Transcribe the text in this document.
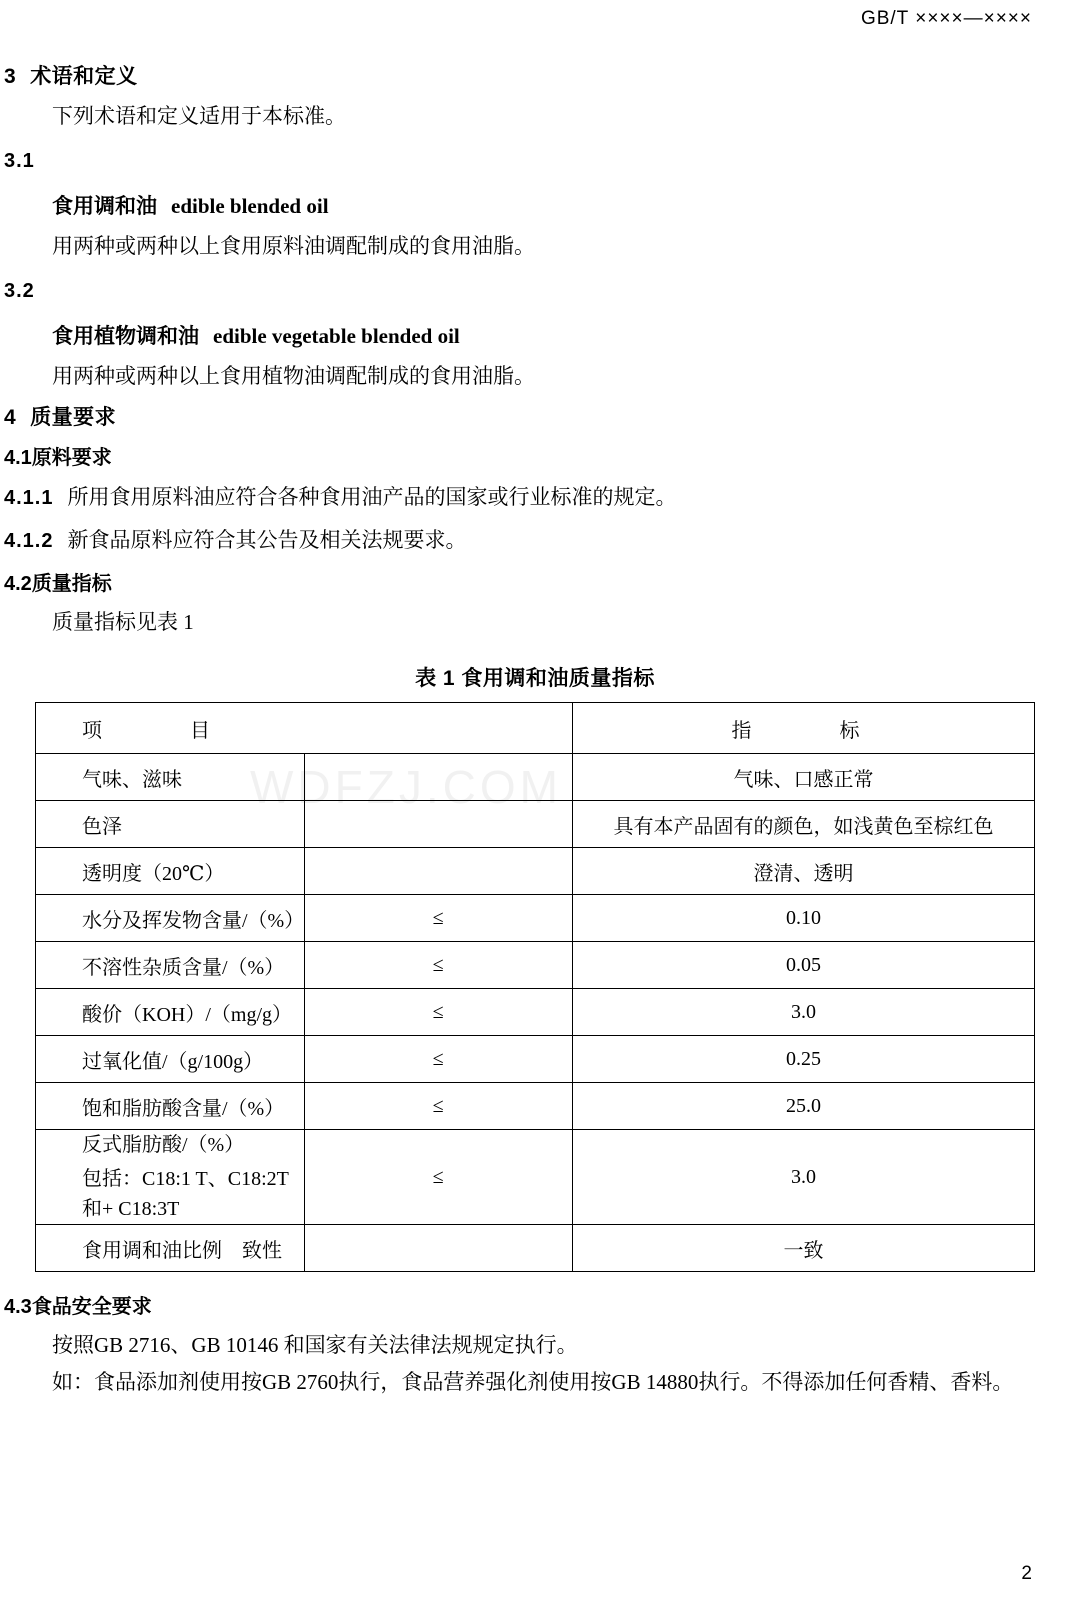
WDFZJ.COM
GB/T ××××—××××
3 术语和定义
下列术语和定义适用于本标准。
3.1
食用调和油 edible blended oil
用两种或两种以上食用原料油调配制成的食用油脂。
3.2
食用植物调和油 edible vegetable blended oil
用两种或两种以上食用植物油调配制成的食用油脂。
4 质量要求
4.1原料要求
4.1.1 所用食用原料油应符合各种食用油产品的国家或行业标准的规定。
4.1.2 新食品原料应符合其公告及相关法规要求。
4.2质量指标
质量指标见表 1
表 1 食用调和油质量指标
项　　目		指　　标
气味、滋味		气味、口感正常
色泽		具有本产品固有的颜色，如浅黄色至棕红色
透明度（20℃）		澄清、透明
水分及挥发物含量/（%）	≤	0.10
不溶性杂质含量/（%）	≤	0.05
酸价（KOH）/（mg/g）	≤	3.0
过氧化值/（g/100g）	≤	0.25
饱和脂肪酸含量/（%）	≤	25.0

反式脂肪酸/（%）
包括：C18:1 T、C18:2T 和+ C18:3T	≤	3.0
食用调和油比例　致性		一致
4.3食品安全要求
按照GB 2716、GB 10146 和国家有关法律法规规定执行。
如：食品添加剂使用按GB 2760执行，食品营养强化剂使用按GB 14880执行。不得添加任何香精、香料。
2
